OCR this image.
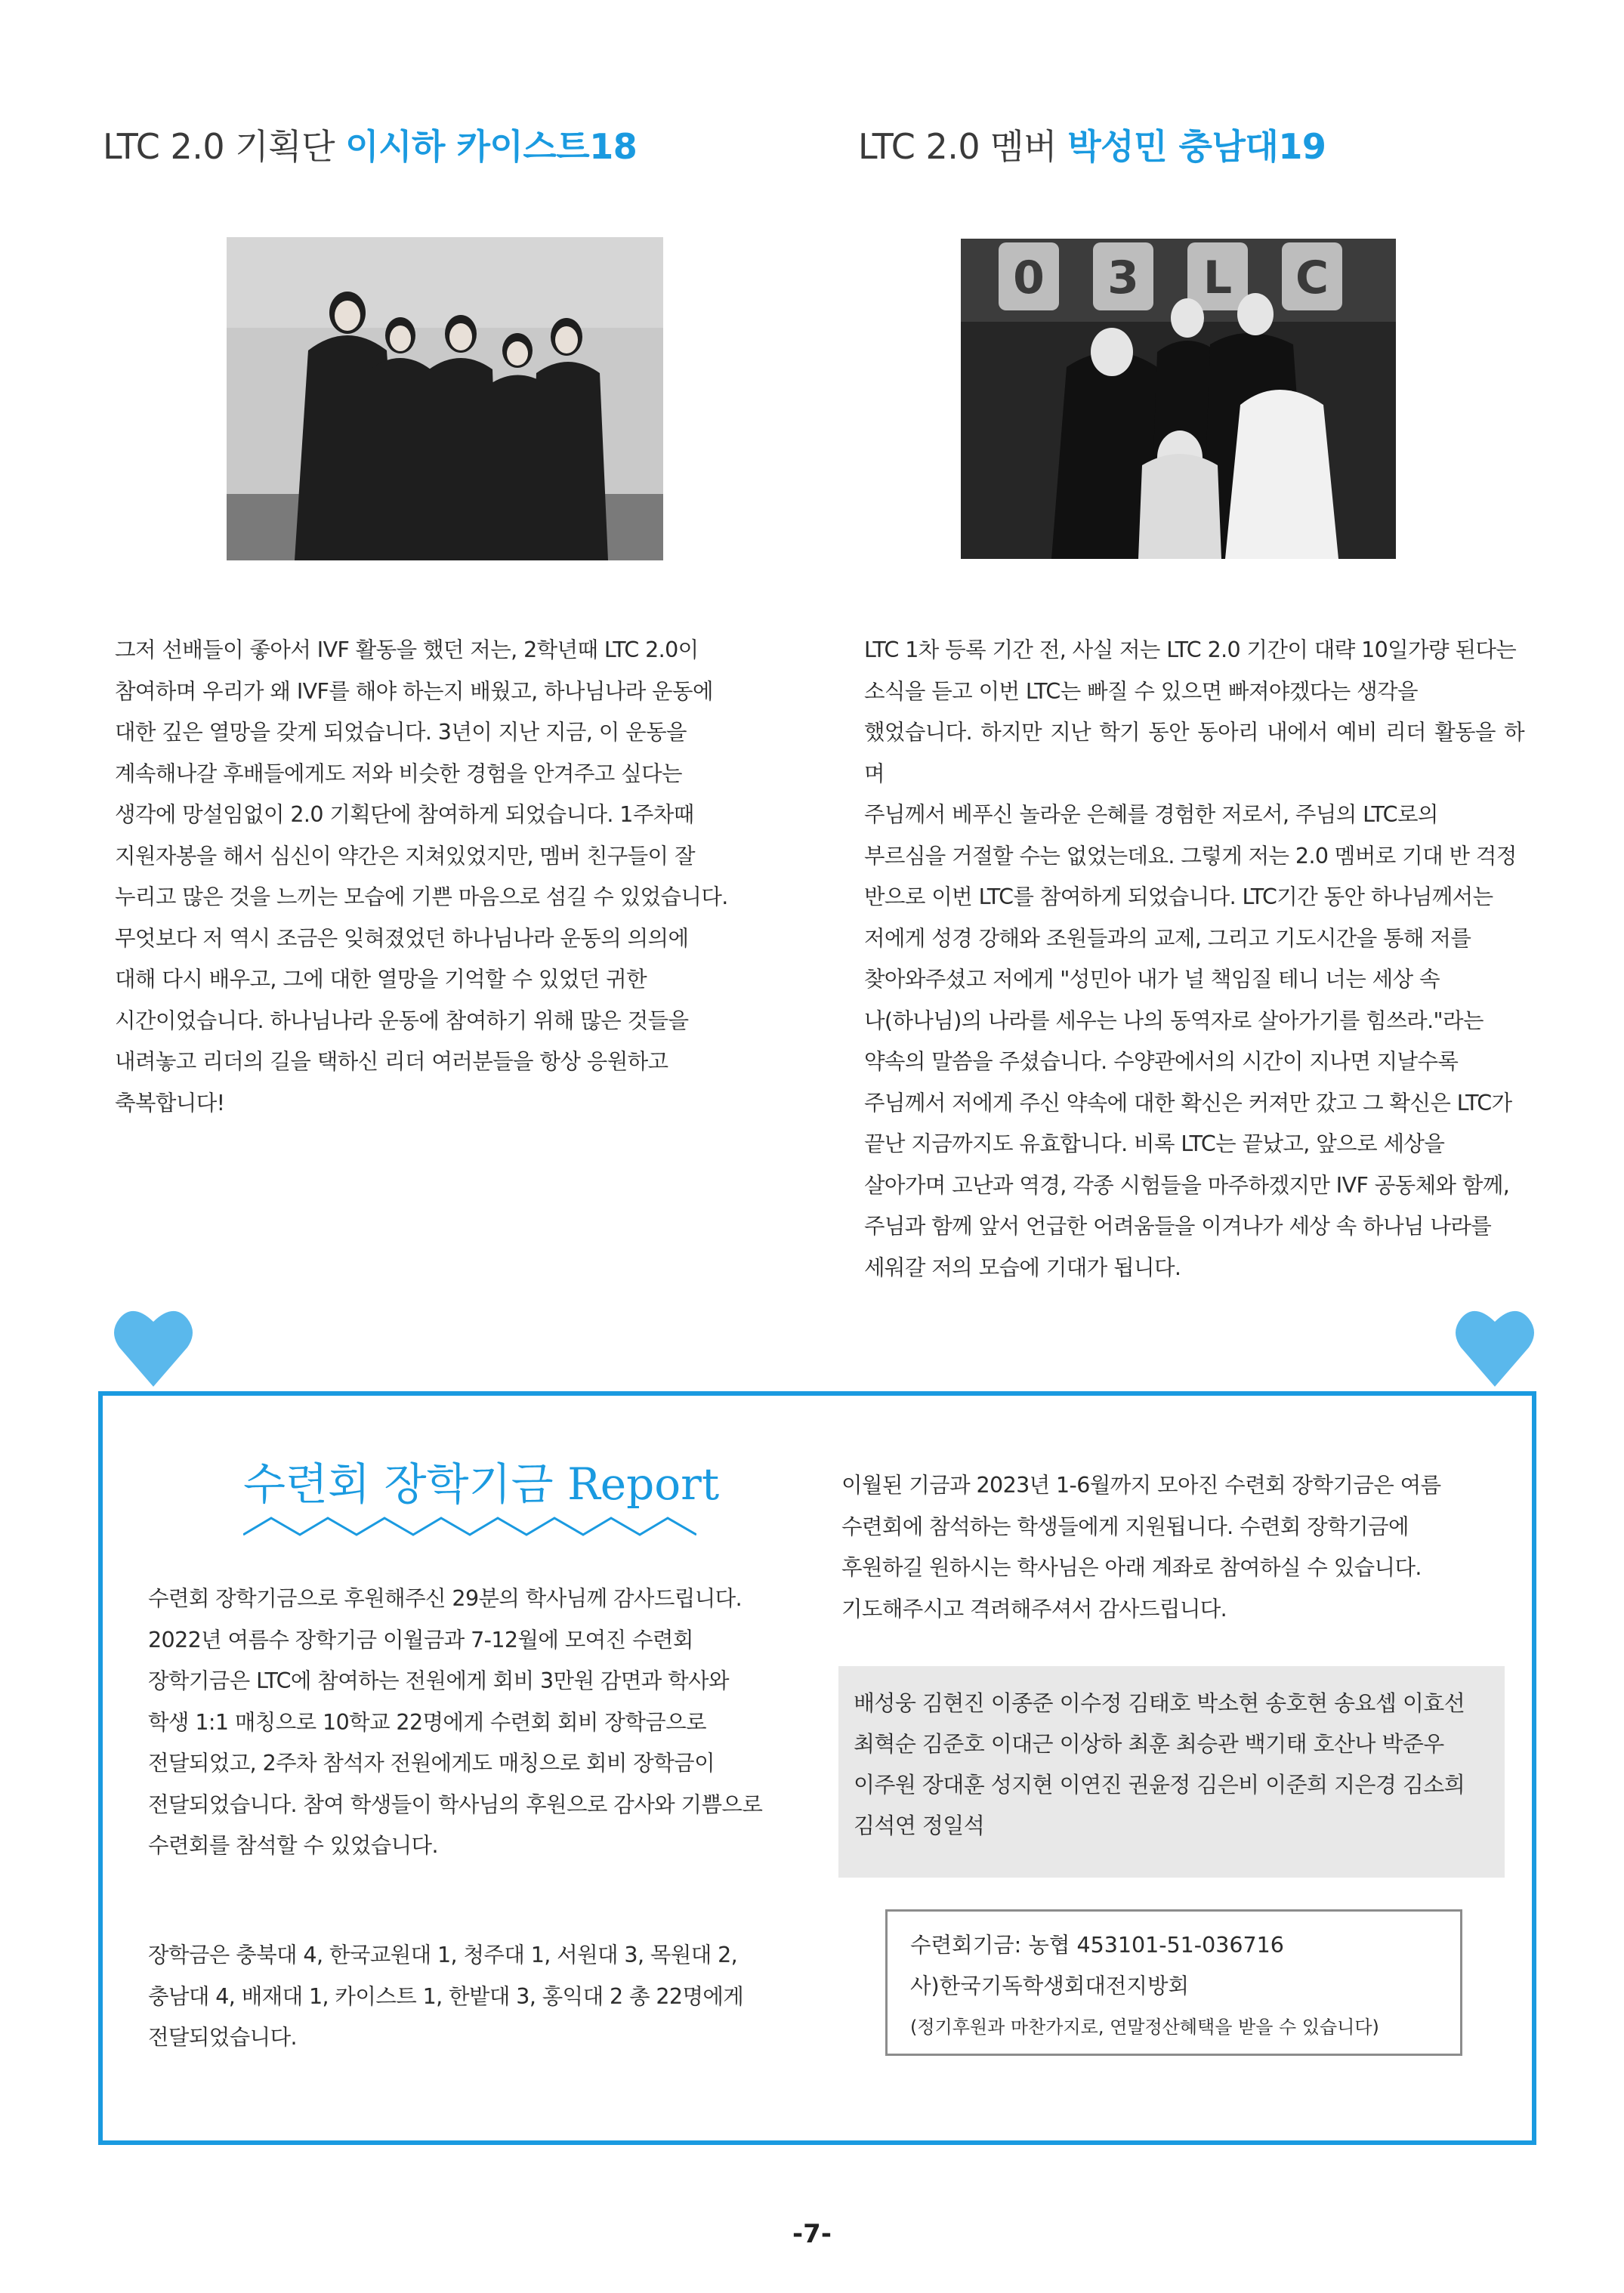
LTC 2.0 기획단 이시하 카이스트18	LTC 2.0 멤버 박성민 충남대19
0 3 L C

그저 선배들이 좋아서 IVF 활동을 했던 저는, 2학년때 LTC 2.0이

참여하며 우리가 왜 IVF를 해야 하는지 배웠고, 하나님나라 운동에

대한 깊은 열망을 갖게 되었습니다. 3년이 지난 지금, 이 운동을

계속해나갈 후배들에게도 저와 비슷한 경험을 안겨주고 싶다는

생각에 망설임없이 2.0 기획단에 참여하게 되었습니다. 1주차때

지원자봉을 해서 심신이 약간은 지쳐있었지만, 멤버 친구들이 잘

누리고 많은 것을 느끼는 모습에 기쁜 마음으로 섬길 수 있었습니다.

무엇보다 저 역시 조금은 잊혀졌었던 하나님나라 운동의 의의에

대해 다시 배우고, 그에 대한 열망을 기억할 수 있었던 귀한

시간이었습니다. 하나님나라 운동에 참여하기 위해 많은 것들을

내려놓고 리더의 길을 택하신 리더 여러분들을 항상 응원하고

축복합니다!

LTC 1차 등록 기간 전, 사실 저는 LTC 2.0 기간이 대략 10일가량 된다는

소식을 듣고 이번 LTC는 빠질 수 있으면 빠져야겠다는 생각을

했었습니다. 하지만 지난 학기 동안 동아리 내에서 예비 리더 활동을 하며

주님께서 베푸신 놀라운 은혜를 경험한 저로서, 주님의 LTC로의

부르심을 거절할 수는 없었는데요. 그렇게 저는 2.0 멤버로 기대 반 걱정

반으로 이번 LTC를 참여하게 되었습니다. LTC기간 동안 하나님께서는

저에게 성경 강해와 조원들과의 교제, 그리고 기도시간을 통해 저를

찾아와주셨고 저에게 "성민아 내가 널 책임질 테니 너는 세상 속

나(하나님)의 나라를 세우는 나의 동역자로 살아가기를 힘쓰라."라는

약속의 말씀을 주셨습니다. 수양관에서의 시간이 지나면 지날수록

주님께서 저에게 주신 약속에 대한 확신은 커져만 갔고 그 확신은 LTC가

끝난 지금까지도 유효합니다. 비록 LTC는 끝났고, 앞으로 세상을

살아가며 고난과 역경, 각종 시험들을 마주하겠지만 IVF 공동체와 함께,

주님과 함께 앞서 언급한 어려움들을 이겨나가 세상 속 하나님 나라를

세워갈 저의 모습에 기대가 됩니다.

수련회 장학기금 Report

수련회 장학기금으로 후원해주신 29분의 학사님께 감사드립니다.

2022년 여름수 장학기금 이월금과 7-12월에 모여진 수련회

장학기금은 LTC에 참여하는 전원에게 회비 3만원 감면과 학사와

학생 1:1 매칭으로 10학교 22명에게 수련회 회비 장학금으로

전달되었고, 2주차 참석자 전원에게도 매칭으로 회비 장학금이

전달되었습니다. 참여 학생들이 학사님의 후원으로 감사와 기쁨으로

수련회를 참석할 수 있었습니다.

장학금은 충북대 4, 한국교원대 1, 청주대 1, 서원대 3, 목원대 2,

충남대 4, 배재대 1, 카이스트 1, 한밭대 3, 홍익대 2 총 22명에게

전달되었습니다.

이월된 기금과 2023년 1-6월까지 모아진 수련회 장학기금은 여름

수련회에 참석하는 학생들에게 지원됩니다. 수련회 장학기금에

후원하길 원하시는 학사님은 아래 계좌로 참여하실 수 있습니다.

기도해주시고 격려해주셔서 감사드립니다.

배성웅 김현진 이종준 이수정 김태호 박소현 송호현 송요셉 이효선
최혁순 김준호 이대근 이상하 최훈 최승관 백기태 호산나 박준우
이주원 장대훈 성지현 이연진 권윤정 김은비 이준희 지은경 김소희
김석연 정일석
수련회기금: 농협 453101-51-036716
사)한국기독학생회대전지방회
(정기후원과 마찬가지로, 연말정산혜택을 받을 수 있습니다)
-7-
